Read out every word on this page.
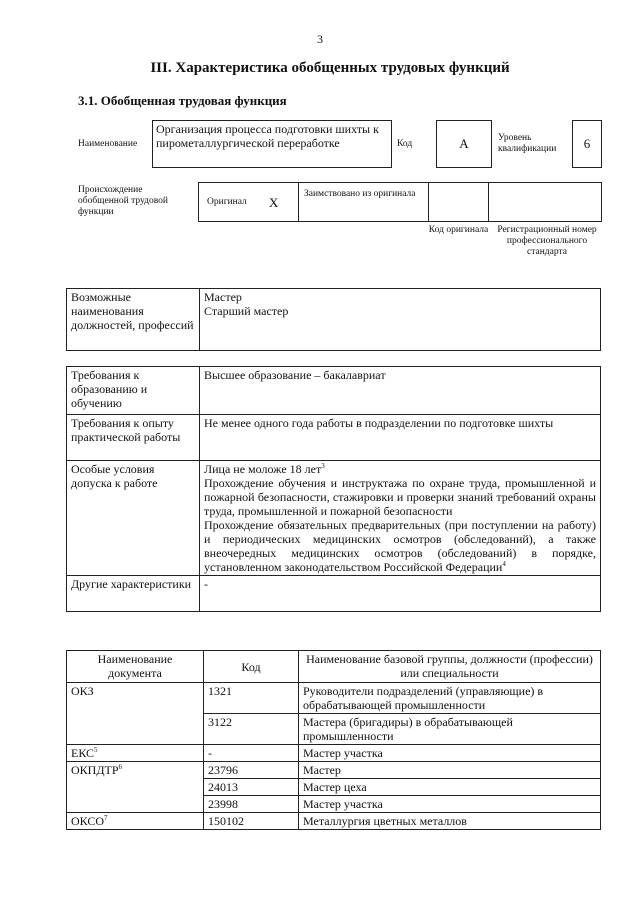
3
III. Характеристика обобщенных трудовых функций
3.1. Обобщенная трудовая функция
Наименование
Организация процесса подготовки шихты к пирометаллургической переработке	Код	А	Уровень квалификации	6
Происхождение обобщенной трудовой функции
Оригинал X
Заимствовано из оригинала
Код оригинала Регистрационный номер профессионального стандарта
Возможные наименования должностей, профессий	
Мастер
Старший мастер
Требования к образованию и обучению	Высшее образование – бакалавриат
Требования к опыту практической работы	Не менее одного года работы в подразделении по подготовке шихты
Особые условия допуска к работе	Лица не моложе 18 лет$^3$
Прохождение обучения и инструктажа по охране труда, промышленной и пожарной безопасности, стажировки и проверки знаний требований охраны труда, промышленной и пожарной безопасности
Прохождение обязательных предварительных (при поступлении на работу) и периодических медицинских осмотров (обследований), а также внеочередных медицинских осмотров (обследований) в порядке, установленном законодательством Российской Федерации$^4$

Другие характеристики	-
Наименование документа	Код	Наименование базовой группы, должности (профессии) или специальности
ОКЗ	1321	Руководители подразделений (управляющие) в обрабатывающей промышленности
	3122	Мастера (бригадиры) в обрабатывающей промышленности
ЕКС$^5$	-	Мастер участка
ОКПДТР$^6$	23796	Мастер
	24013	Мастер цеха
	23998	Мастер участка
ОКСО$^7$	150102	Металлургия цветных металлов
